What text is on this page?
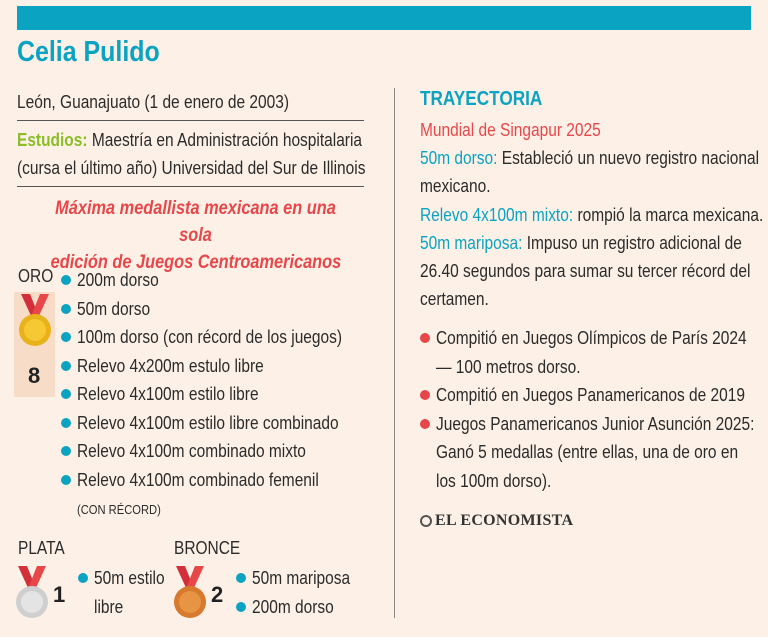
Celia Pulido
León, Guanajuato (1 de enero de 2003)
Estudios: Maestría en Administración hospitalaria
(cursa el último año) Universidad del Sur de Illinois
Máxima medallista mexicana en una sola
edición de Juegos Centroamericanos
ORO
8
200m dorso
50m dorso
100m dorso (con récord de los juegos)
Relevo 4x200m estulo libre
Relevo 4x100m estilo libre
Relevo 4x100m estilo libre combinado
Relevo 4x100m combinado mixto
Relevo 4x100m combinado femenil
(CON RÉCORD)
PLATA
1
50m estilo
libre
BRONCE
2
50m mariposa
200m dorso
TRAYECTORIA
Mundial de Singapur 2025
50m dorso: Estableció un nuevo registro nacional
mexicano.
Relevo 4x100m mixto: rompió la marca mexicana.
50m mariposa: Impuso un registro adicional de
26.40 segundos para sumar su tercer récord del
certamen.
Compitió en Juegos Olímpicos de París 2024
— 100 metros dorso.
Compitió en Juegos Panamericanos de 2019
Juegos Panamericanos Junior Asunción 2025:
Ganó 5 medallas (entre ellas, una de oro en
los 100m dorso).
EL ECONOMISTA
